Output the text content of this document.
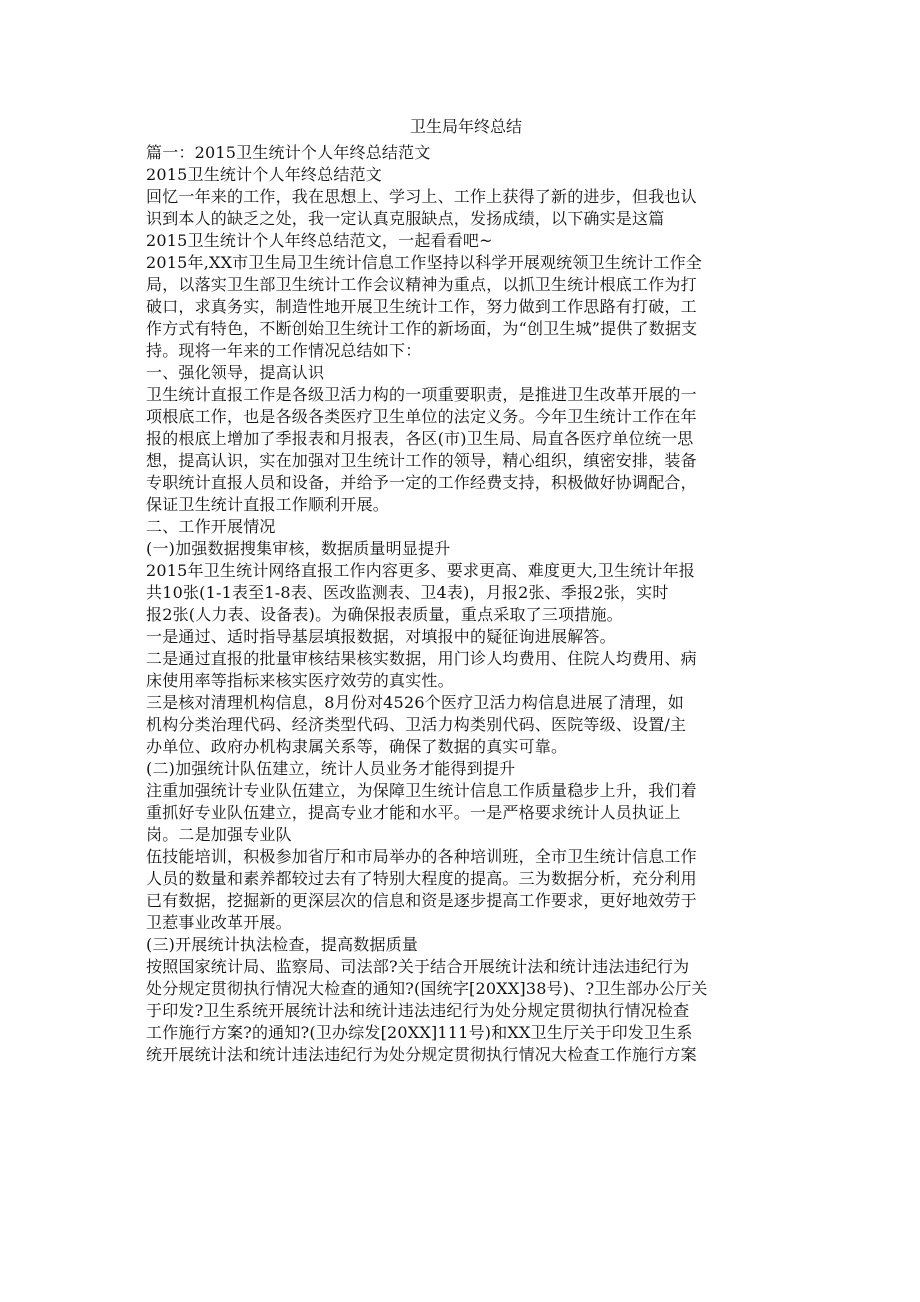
卫生局年终总结
篇一：2015卫生统计个人年终总结范文
2015卫生统计个人年终总结范文
回忆一年来的工作，我在思想上、学习上、工作上获得了新的进步，但我也认
识到本人的缺乏之处，我一定认真克服缺点，发扬成绩，以下确实是这篇
2015卫生统计个人年终总结范文，一起看看吧~
2015年,XX市卫生局卫生统计信息工作坚持以科学开展观统领卫生统计工作全
局，以落实卫生部卫生统计工作会议精神为重点，以抓卫生统计根底工作为打
破口，求真务实，制造性地开展卫生统计工作，努力做到工作思路有打破，工
作方式有特色，不断创始卫生统计工作的新场面，为“创卫生城”提供了数据支
持。现将一年来的工作情况总结如下：
一、强化领导，提高认识
卫生统计直报工作是各级卫活力构的一项重要职责，是推进卫生改革开展的一
项根底工作，也是各级各类医疗卫生单位的法定义务。今年卫生统计工作在年
报的根底上增加了季报表和月报表，各区(市)卫生局、局直各医疗单位统一思
想，提高认识，实在加强对卫生统计工作的领导，精心组织，缜密安排，装备
专职统计直报人员和设备，并给予一定的工作经费支持，积极做好协调配合，
保证卫生统计直报工作顺利开展。
二、工作开展情况
(一)加强数据搜集审核，数据质量明显提升
2015年卫生统计网络直报工作内容更多、要求更高、难度更大,卫生统计年报
共10张(1-1表至1-8表、医改监测表、卫4表)，月报2张、季报2张，实时
报2张(人力表、设备表)。为确保报表质量，重点采取了三项措施。
一是通过、适时指导基层填报数据，对填报中的疑征询进展解答。
二是通过直报的批量审核结果核实数据，用门诊人均费用、住院人均费用、病
床使用率等指标来核实医疗效劳的真实性。
三是核对清理机构信息，8月份对4526个医疗卫活力构信息进展了清理，如
机构分类治理代码、经济类型代码、卫活力构类别代码、医院等级、设置/主
办单位、政府办机构隶属关系等，确保了数据的真实可靠。
(二)加强统计队伍建立，统计人员业务才能得到提升
注重加强统计专业队伍建立，为保障卫生统计信息工作质量稳步上升，我们着
重抓好专业队伍建立，提高专业才能和水平。一是严格要求统计人员执证上
岗。二是加强专业队
伍技能培训，积极参加省厅和市局举办的各种培训班，全市卫生统计信息工作
人员的数量和素养都较过去有了特别大程度的提高。三为数据分析，充分利用
已有数据，挖掘新的更深层次的信息和资是逐步提高工作要求，更好地效劳于
卫惹事业改革开展。
(三)开展统计执法检查，提高数据质量
按照国家统计局、监察局、司法部?关于结合开展统计法和统计违法违纪行为
处分规定贯彻执行情况大检查的通知?(国统字[20XX]38号)、?卫生部办公厅关
于印发?卫生系统开展统计法和统计违法违纪行为处分规定贯彻执行情况检查
工作施行方案?的通知?(卫办综发[20XX]111号)和XX卫生厅关于印发卫生系
统开展统计法和统计违法违纪行为处分规定贯彻执行情况大检查工作施行方案
